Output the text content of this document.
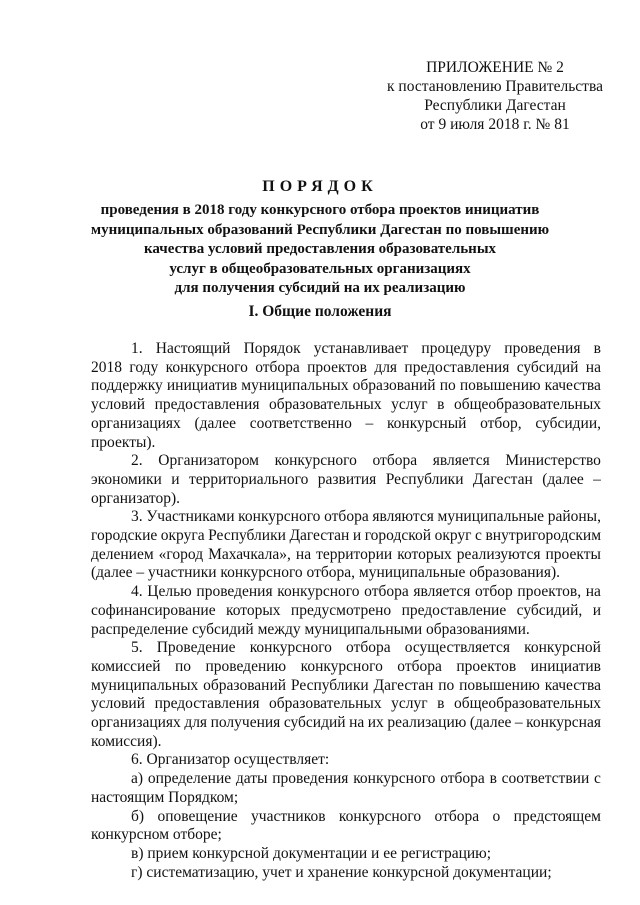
ПРИЛОЖЕНИЕ № 2
к постановлению Правительства
Республики Дагестан
от 9 июля 2018 г. № 81
ПОРЯДОК
проведения в 2018 году конкурсного отбора проектов инициатив
муниципальных образований Республики Дагестан по повышению
качества условий предоставления образовательных
услуг в общеобразовательных организациях
для получения субсидий на их реализацию
I. Общие положения
1. Настоящий Порядок устанавливает процедуру проведения в
2018 году конкурсного отбора проектов для предоставления субсидий на
поддержку инициатив муниципальных образований по повышению качества
условий предоставления образовательных услуг в общеобразовательных
организациях (далее соответственно – конкурсный отбор, субсидии,
проекты).
2. Организатором конкурсного отбора является Министерство
экономики и территориального развития Республики Дагестан (далее –
организатор).
3. Участниками конкурсного отбора являются муниципальные районы,
городские округа Республики Дагестан и городской округ с внутригородским
делением «город Махачкала», на территории которых реализуются проекты
(далее – участники конкурсного отбора, муниципальные образования).
4. Целью проведения конкурсного отбора является отбор проектов, на
софинансирование которых предусмотрено предоставление субсидий, и
распределение субсидий между муниципальными образованиями.
5. Проведение конкурсного отбора осуществляется конкурсной
комиссией по проведению конкурсного отбора проектов инициатив
муниципальных образований Республики Дагестан по повышению качества
условий предоставления образовательных услуг в общеобразовательных
организациях для получения субсидий на их реализацию (далее – конкурсная
комиссия).
6. Организатор осуществляет:
а) определение даты проведения конкурсного отбора в соответствии с
настоящим Порядком;
б) оповещение участников конкурсного отбора о предстоящем
конкурсном отборе;
в) прием конкурсной документации и ее регистрацию;
г) систематизацию, учет и хранение конкурсной документации;
